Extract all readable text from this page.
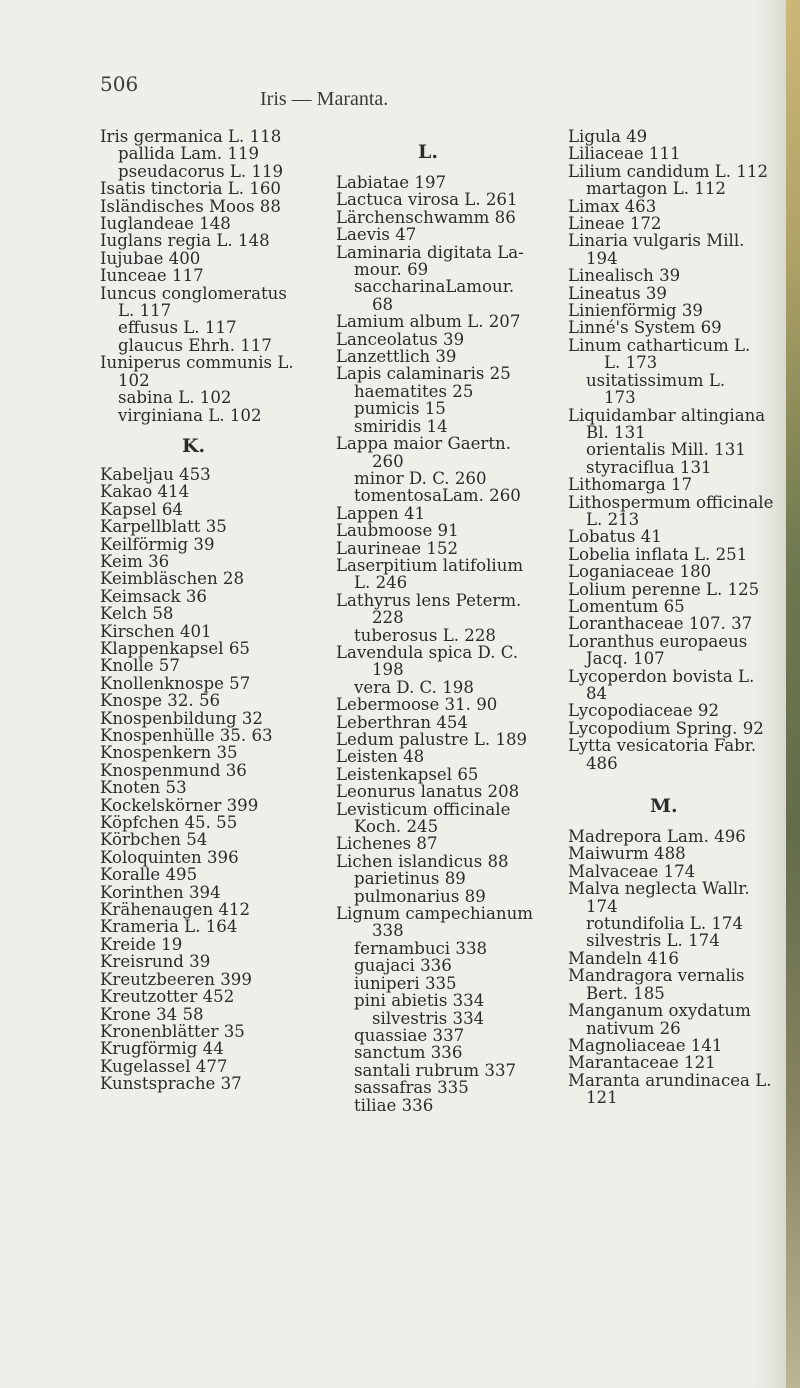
506
Iris — Maranta.
Iris germanica L. 118
pallida Lam. 119
pseudacorus L. 119
Isatis tinctoria L. 160
Isländisches Moos 88
Iuglandeae 148
Iuglans regia L. 148
Iujubae 400
Iunceae 117
Iuncus conglomeratus
L. 117
effusus L. 117
glaucus Ehrh. 117
Iuniperus communis L.
102
sabina L. 102
virginiana L. 102
K.
Kabeljau 453
Kakao 414
Kapsel 64
Karpellblatt 35
Keilförmig 39
Keim 36
Keimbläschen 28
Keimsack 36
Kelch 58
Kirschen 401
Klappenkapsel 65
Knolle 57
Knollenknospe 57
Knospe 32. 56
Knospenbildung 32
Knospenhülle 35. 63
Knospenkern 35
Knospenmund 36
Knoten 53
Kockelskörner 399
Köpfchen 45. 55
Körbchen 54
Koloquinten 396
Koralle 495
Korinthen 394
Krähenaugen 412
Krameria L. 164
Kreide 19
Kreisrund 39
Kreutzbeeren 399
Kreutzotter 452
Krone 34 58
Kronenblätter 35
Krugförmig 44
Kugelassel 477
Kunstsprache 37
L.
Labiatae 197
Lactuca virosa L. 261
Lärchenschwamm 86
Laevis 47
Laminaria digitata La-
mour. 69
saccharinaLamour.
68
Lamium album L. 207
Lanceolatus 39
Lanzettlich 39
Lapis calaminaris 25
haematites 25
pumicis 15
smiridis 14
Lappa maior Gaertn.
260
minor D. C. 260
tomentosaLam. 260
Lappen 41
Laubmoose 91
Laurineae 152
Laserpitium latifolium
L. 246
Lathyrus lens Peterm.
228
tuberosus L. 228
Lavendula spica D. C.
198
vera D. C. 198
Lebermoose 31. 90
Leberthran 454
Ledum palustre L. 189
Leisten 48
Leistenkapsel 65
Leonurus lanatus 208
Levisticum officinale
Koch. 245
Lichenes 87
Lichen islandicus 88
parietinus 89
pulmonarius 89
Lignum campechianum
338
fernambuci 338
guajaci 336
iuniperi 335
pini abietis 334
silvestris 334
quassiae 337
sanctum 336
santali rubrum 337
sassafras 335
tiliae 336
Ligula 49
Liliaceae 111
Lilium candidum L. 112
martagon L. 112
Limax 463
Lineae 172
Linaria vulgaris Mill.
194
Linealisch 39
Lineatus 39
Linienförmig 39
Linné's System 69
Linum catharticum L.
L. 173
usitatissimum L.
173
Liquidambar altingiana
Bl. 131
orientalis Mill. 131
styraciflua 131
Lithomarga 17
Lithospermum officinale
L. 213
Lobatus 41
Lobelia inflata L. 251
Loganiaceae 180
Lolium perenne L. 125
Lomentum 65
Loranthaceae 107. 37
Loranthus europaeus
Jacq. 107
Lycoperdon bovista L.
84
Lycopodiaceae 92
Lycopodium Spring. 92
Lytta vesicatoria Fabr.
486
M.
Madrepora Lam. 496
Maiwurm 488
Malvaceae 174
Malva neglecta Wallr.
174
rotundifolia L. 174
silvestris L. 174
Mandeln 416
Mandragora vernalis
Bert. 185
Manganum oxydatum
nativum 26
Magnoliaceae 141
Marantaceae 121
Maranta arundinacea L.
121
